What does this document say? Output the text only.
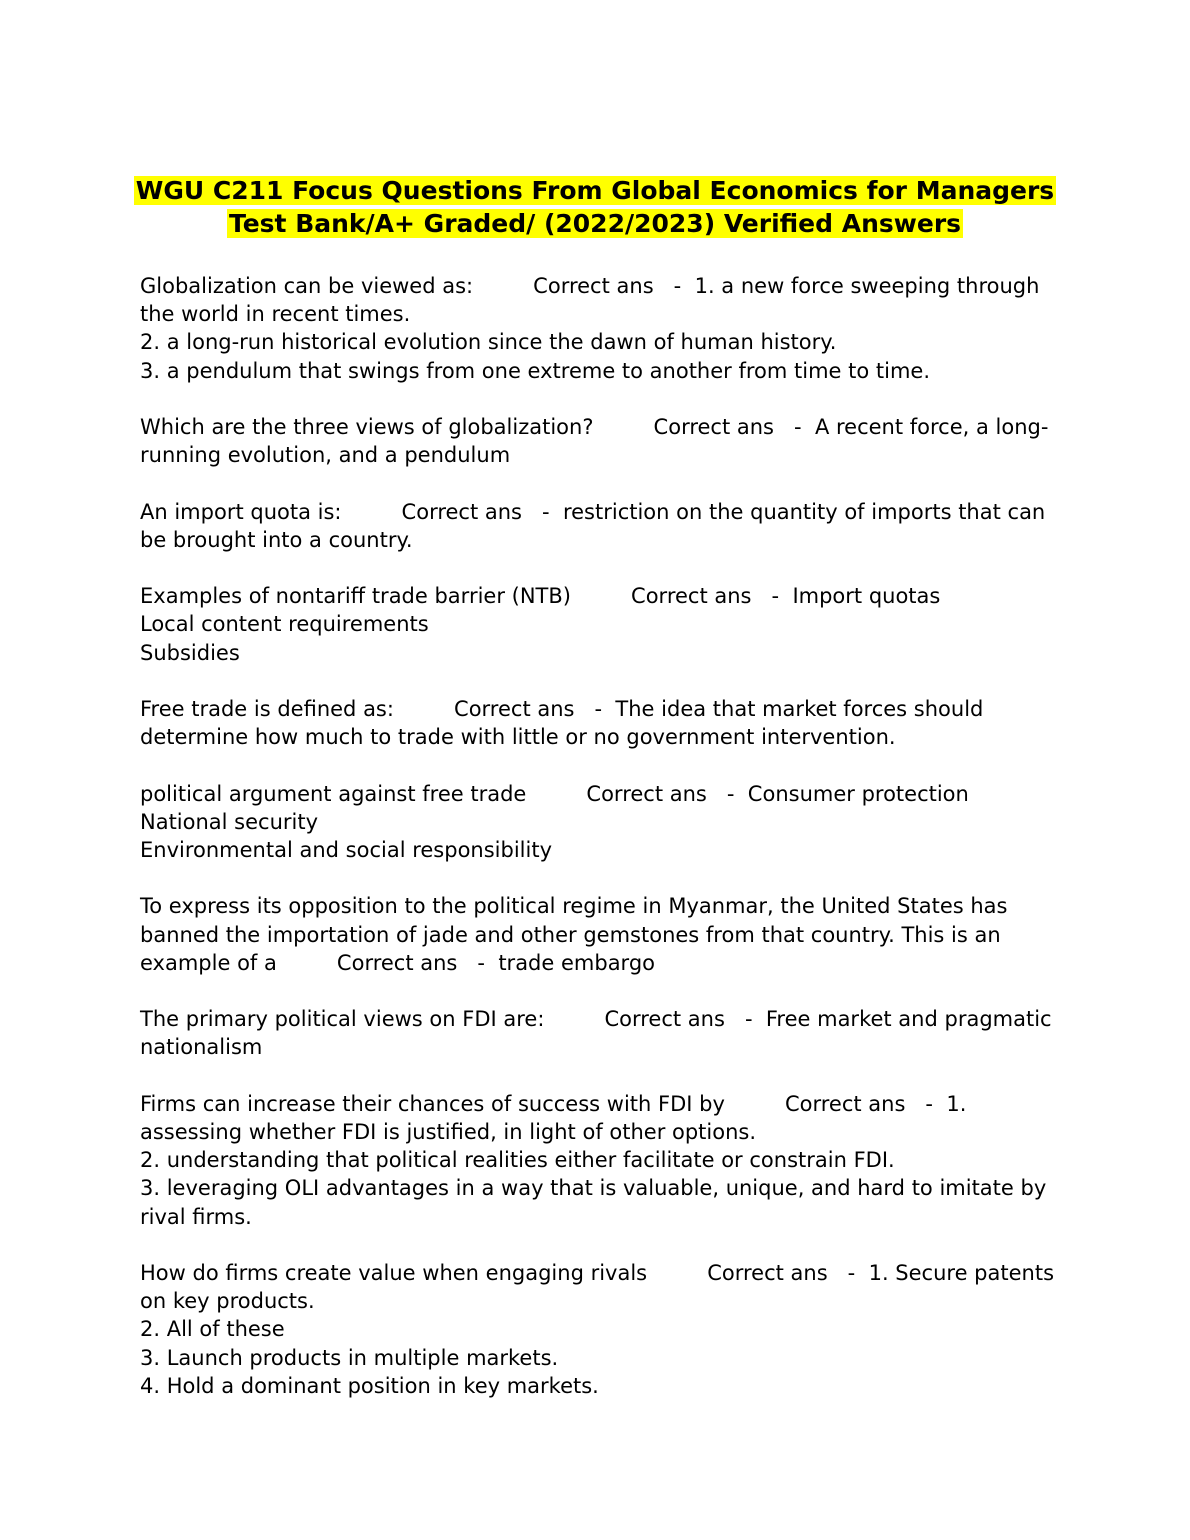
WGU C211 Focus Questions From Global Economics for Managers
Test Bank/A+ Graded/ (2022/2023) Verified Answers
Globalization can be viewed as:         Correct ans   -  1. a new force sweeping through
the world in recent times.
2. a long-run historical evolution since the dawn of human history.
3. a pendulum that swings from one extreme to another from time to time.
Which are the three views of globalization?         Correct ans   -  A recent force, a long-
running evolution, and a pendulum
An import quota is:         Correct ans   -  restriction on the quantity of imports that can
be brought into a country.
Examples of nontariff trade barrier (NTB)         Correct ans   -  Import quotas
Local content requirements
Subsidies
Free trade is defined as:         Correct ans   -  The idea that market forces should
determine how much to trade with little or no government intervention.
political argument against free trade         Correct ans   -  Consumer protection
National security
Environmental and social responsibility
To express its opposition to the political regime in Myanmar, the United States has
banned the importation of jade and other gemstones from that country. This is an
example of a         Correct ans   -  trade embargo
The primary political views on FDI are:         Correct ans   -  Free market and pragmatic
nationalism
Firms can increase their chances of success with FDI by         Correct ans   -  1.
assessing whether FDI is justified, in light of other options.
2. understanding that political realities either facilitate or constrain FDI.
3. leveraging OLI advantages in a way that is valuable, unique, and hard to imitate by
rival firms.
How do firms create value when engaging rivals         Correct ans   -  1. Secure patents
on key products.
2. All of these
3. Launch products in multiple markets.
4. Hold a dominant position in key markets.
